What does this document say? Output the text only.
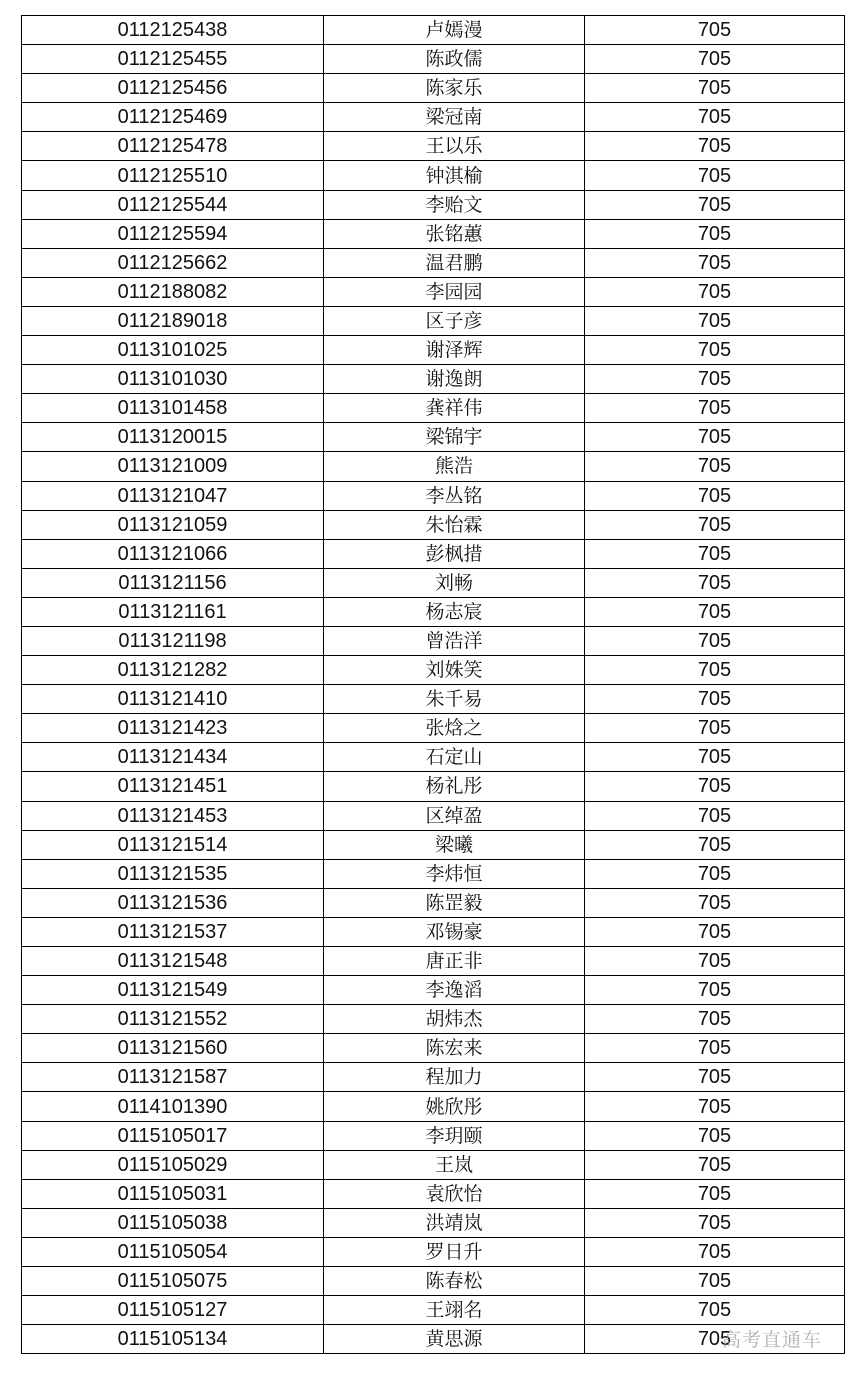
0112125438	卢嫣漫	705
0112125455	陈政儒	705
0112125456	陈家乐	705
0112125469	梁冠南	705
0112125478	王以乐	705
0112125510	钟淇榆	705
0112125544	李贻文	705
0112125594	张铭蕙	705
0112125662	温君鹏	705
0112188082	李园园	705
0112189018	区子彦	705
0113101025	谢泽辉	705
0113101030	谢逸朗	705
0113101458	龚祥伟	705
0113120015	梁锦宇	705
0113121009	熊浩	705
0113121047	李丛铭	705
0113121059	朱怡霖	705
0113121066	彭枫措	705
0113121156	刘畅	705
0113121161	杨志宸	705
0113121198	曾浩洋	705
0113121282	刘姝笑	705
0113121410	朱千易	705
0113121423	张焓之	705
0113121434	石定山	705
0113121451	杨礼彤	705
0113121453	区绰盈	705
0113121514	梁曦	705
0113121535	李炜恒	705
0113121536	陈罡毅	705
0113121537	邓锡豪	705
0113121548	唐正非	705
0113121549	李逸滔	705
0113121552	胡炜杰	705
0113121560	陈宏来	705
0113121587	程加力	705
0114101390	姚欣彤	705
0115105017	李玥颐	705
0115105029	王岚	705
0115105031	袁欣怡	705
0115105038	洪靖岚	705
0115105054	罗日升	705
0115105075	陈春松	705
0115105127	王翊名	705
0115105134	黄思源	705
高考直通车
